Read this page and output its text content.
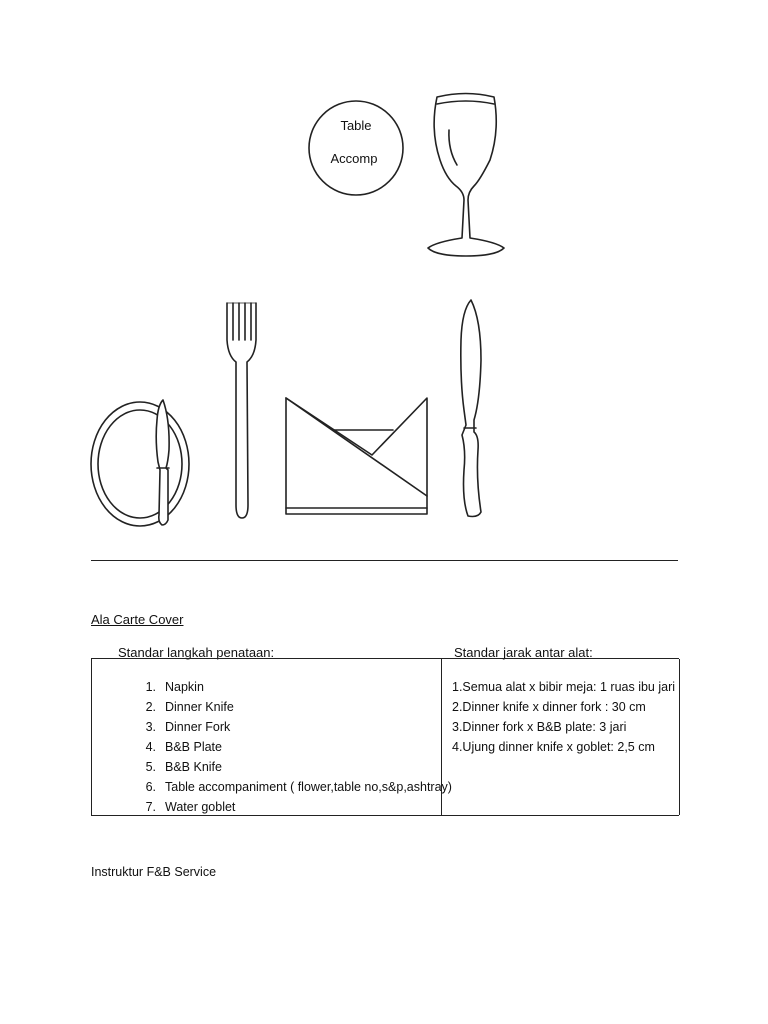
Table
Accomp
Ala Carte Cover
Standar langkah penataan:	Standar jarak antar alat:
1. Napkin
2. Dinner Knife
3. Dinner Fork
4. B&B Plate
5. B&B Knife
6. Table accompaniment ( flower,table no,s&p,ashtray)
7. Water goblet
1.Semua alat x bibir meja: 1 ruas ibu jari
2.Dinner knife x dinner fork : 30 cm
3.Dinner fork x B&B plate: 3 jari
4.Ujung dinner knife x goblet: 2,5 cm
Instruktur F&B Service
